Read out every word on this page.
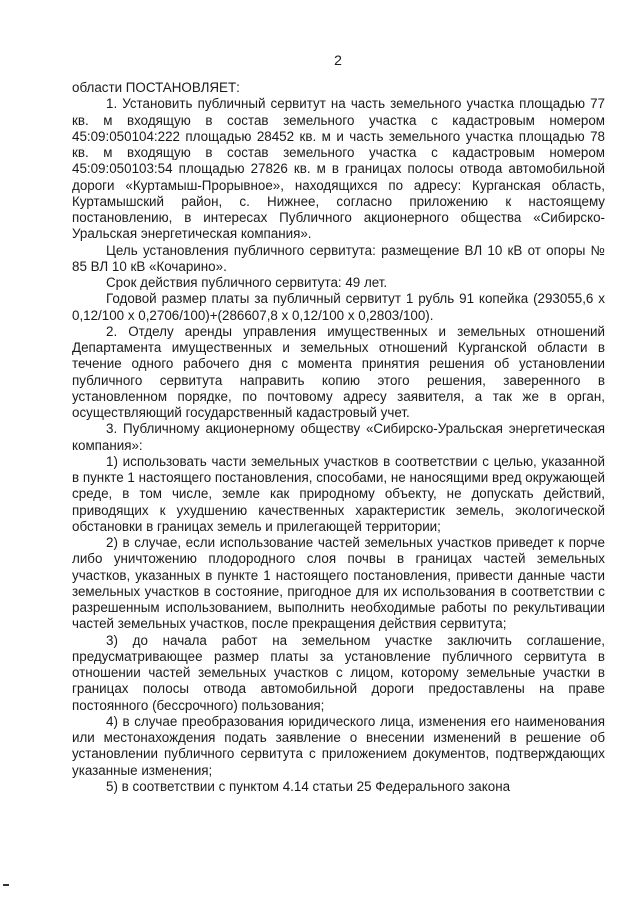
2

области ПОСТАНОВЛЯЕТ:

1. Установить публичный сервитут на часть земельного участка площадью 77 кв. м входящую в состав земельного участка с кадастровым номером 45:09:050104:222 площадью 28452 кв. м и часть земельного участка площадью 78 кв. м входящую в состав земельного участка с кадастровым номером 45:09:050103:54 площадью 27826 кв. м в границах полосы отвода автомобильной дороги «Куртамыш-Прорывное», находящихся по адресу: Курганская область, Куртамышский район, с. Нижнее, согласно приложению к настоящему постановлению, в интересах Публичного акционерного общества «Сибирско-Уральская энергетическая компания».

Цель установления публичного сервитута: размещение ВЛ 10 кВ от опоры № 85 ВЛ 10 кВ «Кочарино».

Срок действия публичного сервитута: 49 лет.

Годовой размер платы за публичный сервитут 1 рубль 91 копейка (293055,6 х 0,12/100 х 0,2706/100)+(286607,8 х 0,12/100 х 0,2803/100).

2. Отделу аренды управления имущественных и земельных отношений Департамента имущественных и земельных отношений Курганской области в течение одного рабочего дня с момента принятия решения об установлении публичного сервитута направить копию этого решения, заверенного в установленном порядке, по почтовому адресу заявителя, а так же в орган, осуществляющий государственный кадастровый учет.

3. Публичному акционерному обществу «Сибирско-Уральская энергетическая компания»:

1) использовать части земельных участков в соответствии с целью, указанной в пункте 1 настоящего постановления, способами, не наносящими вред окружающей среде, в том числе, земле как природному объекту, не допускать действий, приводящих к ухудшению качественных характеристик земель, экологической обстановки в границах земель и прилегающей территории;

2) в случае, если использование частей земельных участков приведет к порче либо уничтожению плодородного слоя почвы в границах частей земельных участков, указанных в пункте 1 настоящего постановления, привести данные части земельных участков в состояние, пригодное для их использования в соответствии с разрешенным использованием, выполнить необходимые работы по рекультивации частей земельных участков, после прекращения действия сервитута;

3) до начала работ на земельном участке заключить соглашение, предусматривающее размер платы за установление публичного сервитута в отношении частей земельных участков с лицом, которому земельные участки в границах полосы отвода автомобильной дороги предоставлены на праве постоянного (бессрочного) пользования;

4) в случае преобразования юридического лица, изменения его наименования или местонахождения подать заявление о внесении изменений в решение об установлении публичного сервитута с приложением документов, подтверждающих указанные изменения;

5) в соответствии с пунктом 4.14 статьи 25 Федерального закона
